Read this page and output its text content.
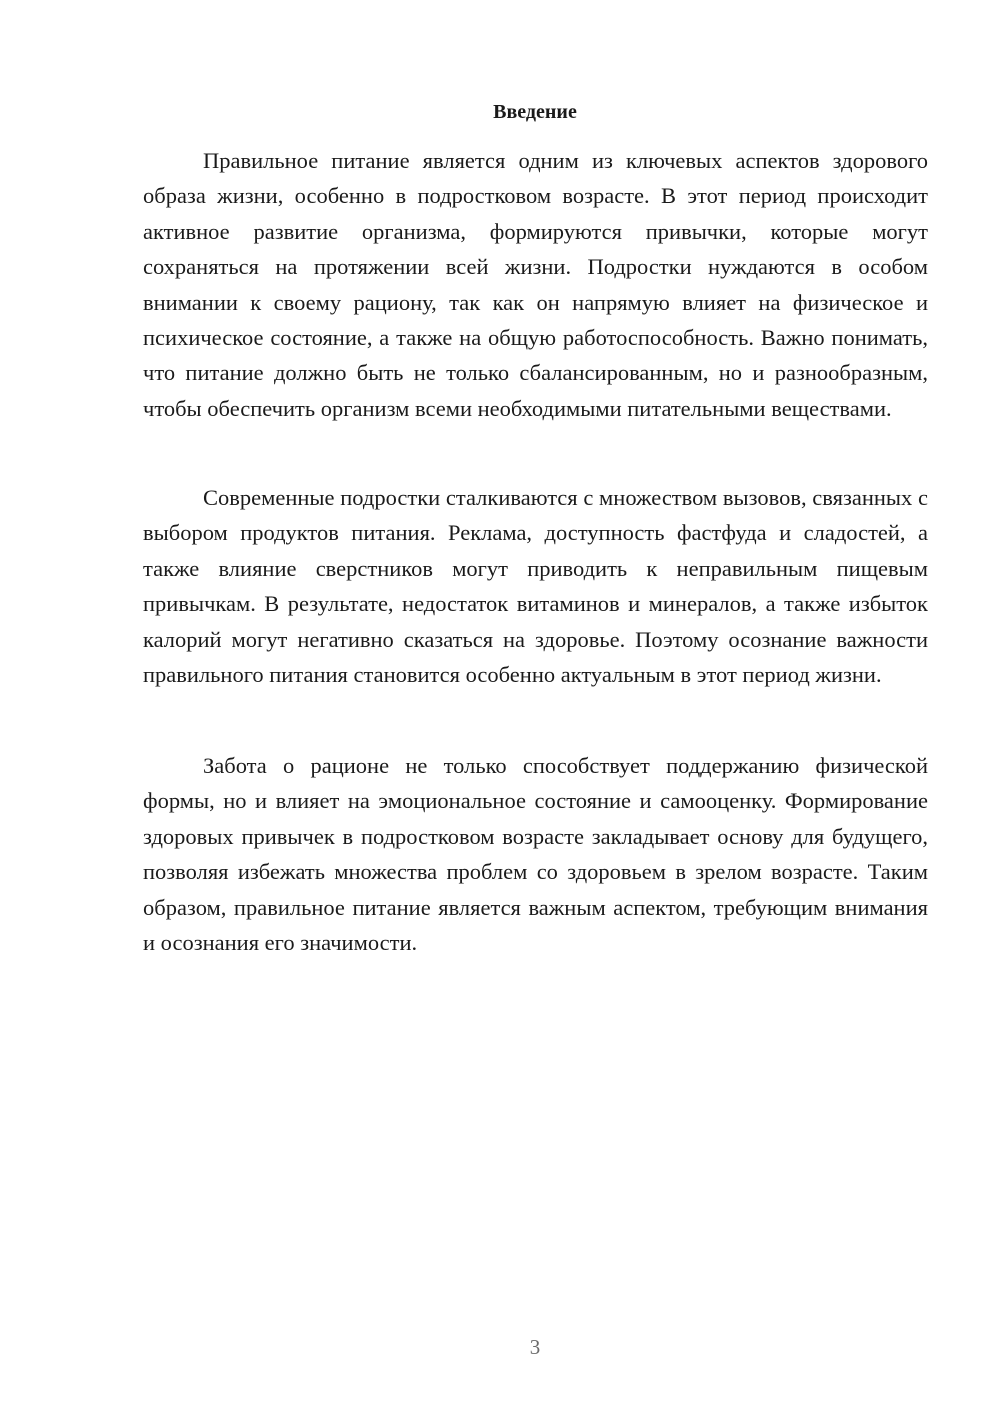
Введение

Правильное питание является одним из ключевых аспектов здорового образа жизни, особенно в подростковом возрасте. В этот период происходит активное развитие организма, формируются привычки, которые могут сохраняться на протяжении всей жизни. Подростки нуждаются в особом внимании к своему рациону, так как он напрямую влияет на физическое и психическое состояние, а также на общую работоспособность. Важно понимать, что питание должно быть не только сбалансированным, но и разнообразным, чтобы обеспечить организм всеми необходимыми питательными веществами.

Современные подростки сталкиваются с множеством вызовов, связанных с выбором продуктов питания. Реклама, доступность фастфуда и сладостей, а также влияние сверстников могут приводить к неправильным пищевым привычкам. В результате, недостаток витаминов и минералов, а также избыток калорий могут негативно сказаться на здоровье. Поэтому осознание важности правильного питания становится особенно актуальным в этот период жизни.

Забота о рационе не только способствует поддержанию физической формы, но и влияет на эмоциональное состояние и самооценку. Формирование здоровых привычек в подростковом возрасте закладывает основу для будущего, позволяя избежать множества проблем со здоровьем в зрелом возрасте. Таким образом, правильное питание является важным аспектом, требующим внимания и осознания его значимости.

3
